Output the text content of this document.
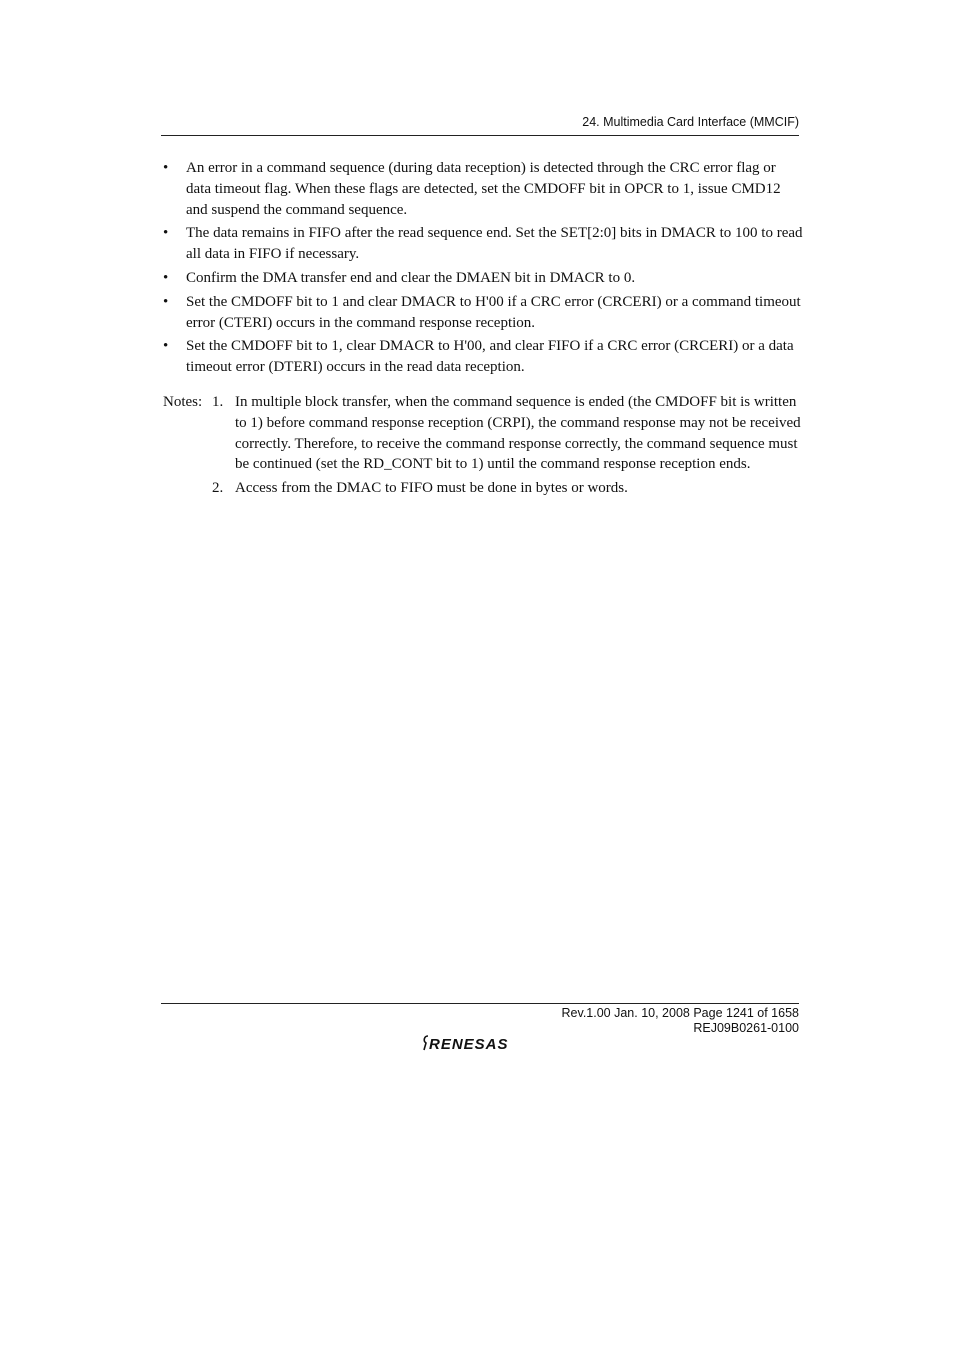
24. Multimedia Card Interface (MMCIF)
• An error in a command sequence (during data reception) is detected through the CRC error flag or data timeout flag. When these flags are detected, set the CMDOFF bit in OPCR to 1, issue CMD12 and suspend the command sequence.
• The data remains in FIFO after the read sequence end. Set the SET[2:0] bits in DMACR to 100 to read all data in FIFO if necessary.
• Confirm the DMA transfer end and clear the DMAEN bit in DMACR to 0.
• Set the CMDOFF bit to 1 and clear DMACR to H'00 if a CRC error (CRCERI) or a command timeout error (CTERI) occurs in the command response reception.
• Set the CMDOFF bit to 1, clear DMACR to H'00, and clear FIFO if a CRC error (CRCERI) or a data timeout error (DTERI) occurs in the read data reception.
Notes: 1. In multiple block transfer, when the command sequence is ended (the CMDOFF bit is written to 1) before command response reception (CRPI), the command response may not be received correctly. Therefore, to receive the command response correctly, the command sequence must be continued (set the RD_CONT bit to 1) until the command response reception ends.
2. Access from the DMAC to FIFO must be done in bytes or words.
Rev.1.00 Jan. 10, 2008 Page 1241 of 1658
REJ09B0261-0100
RENESAS
